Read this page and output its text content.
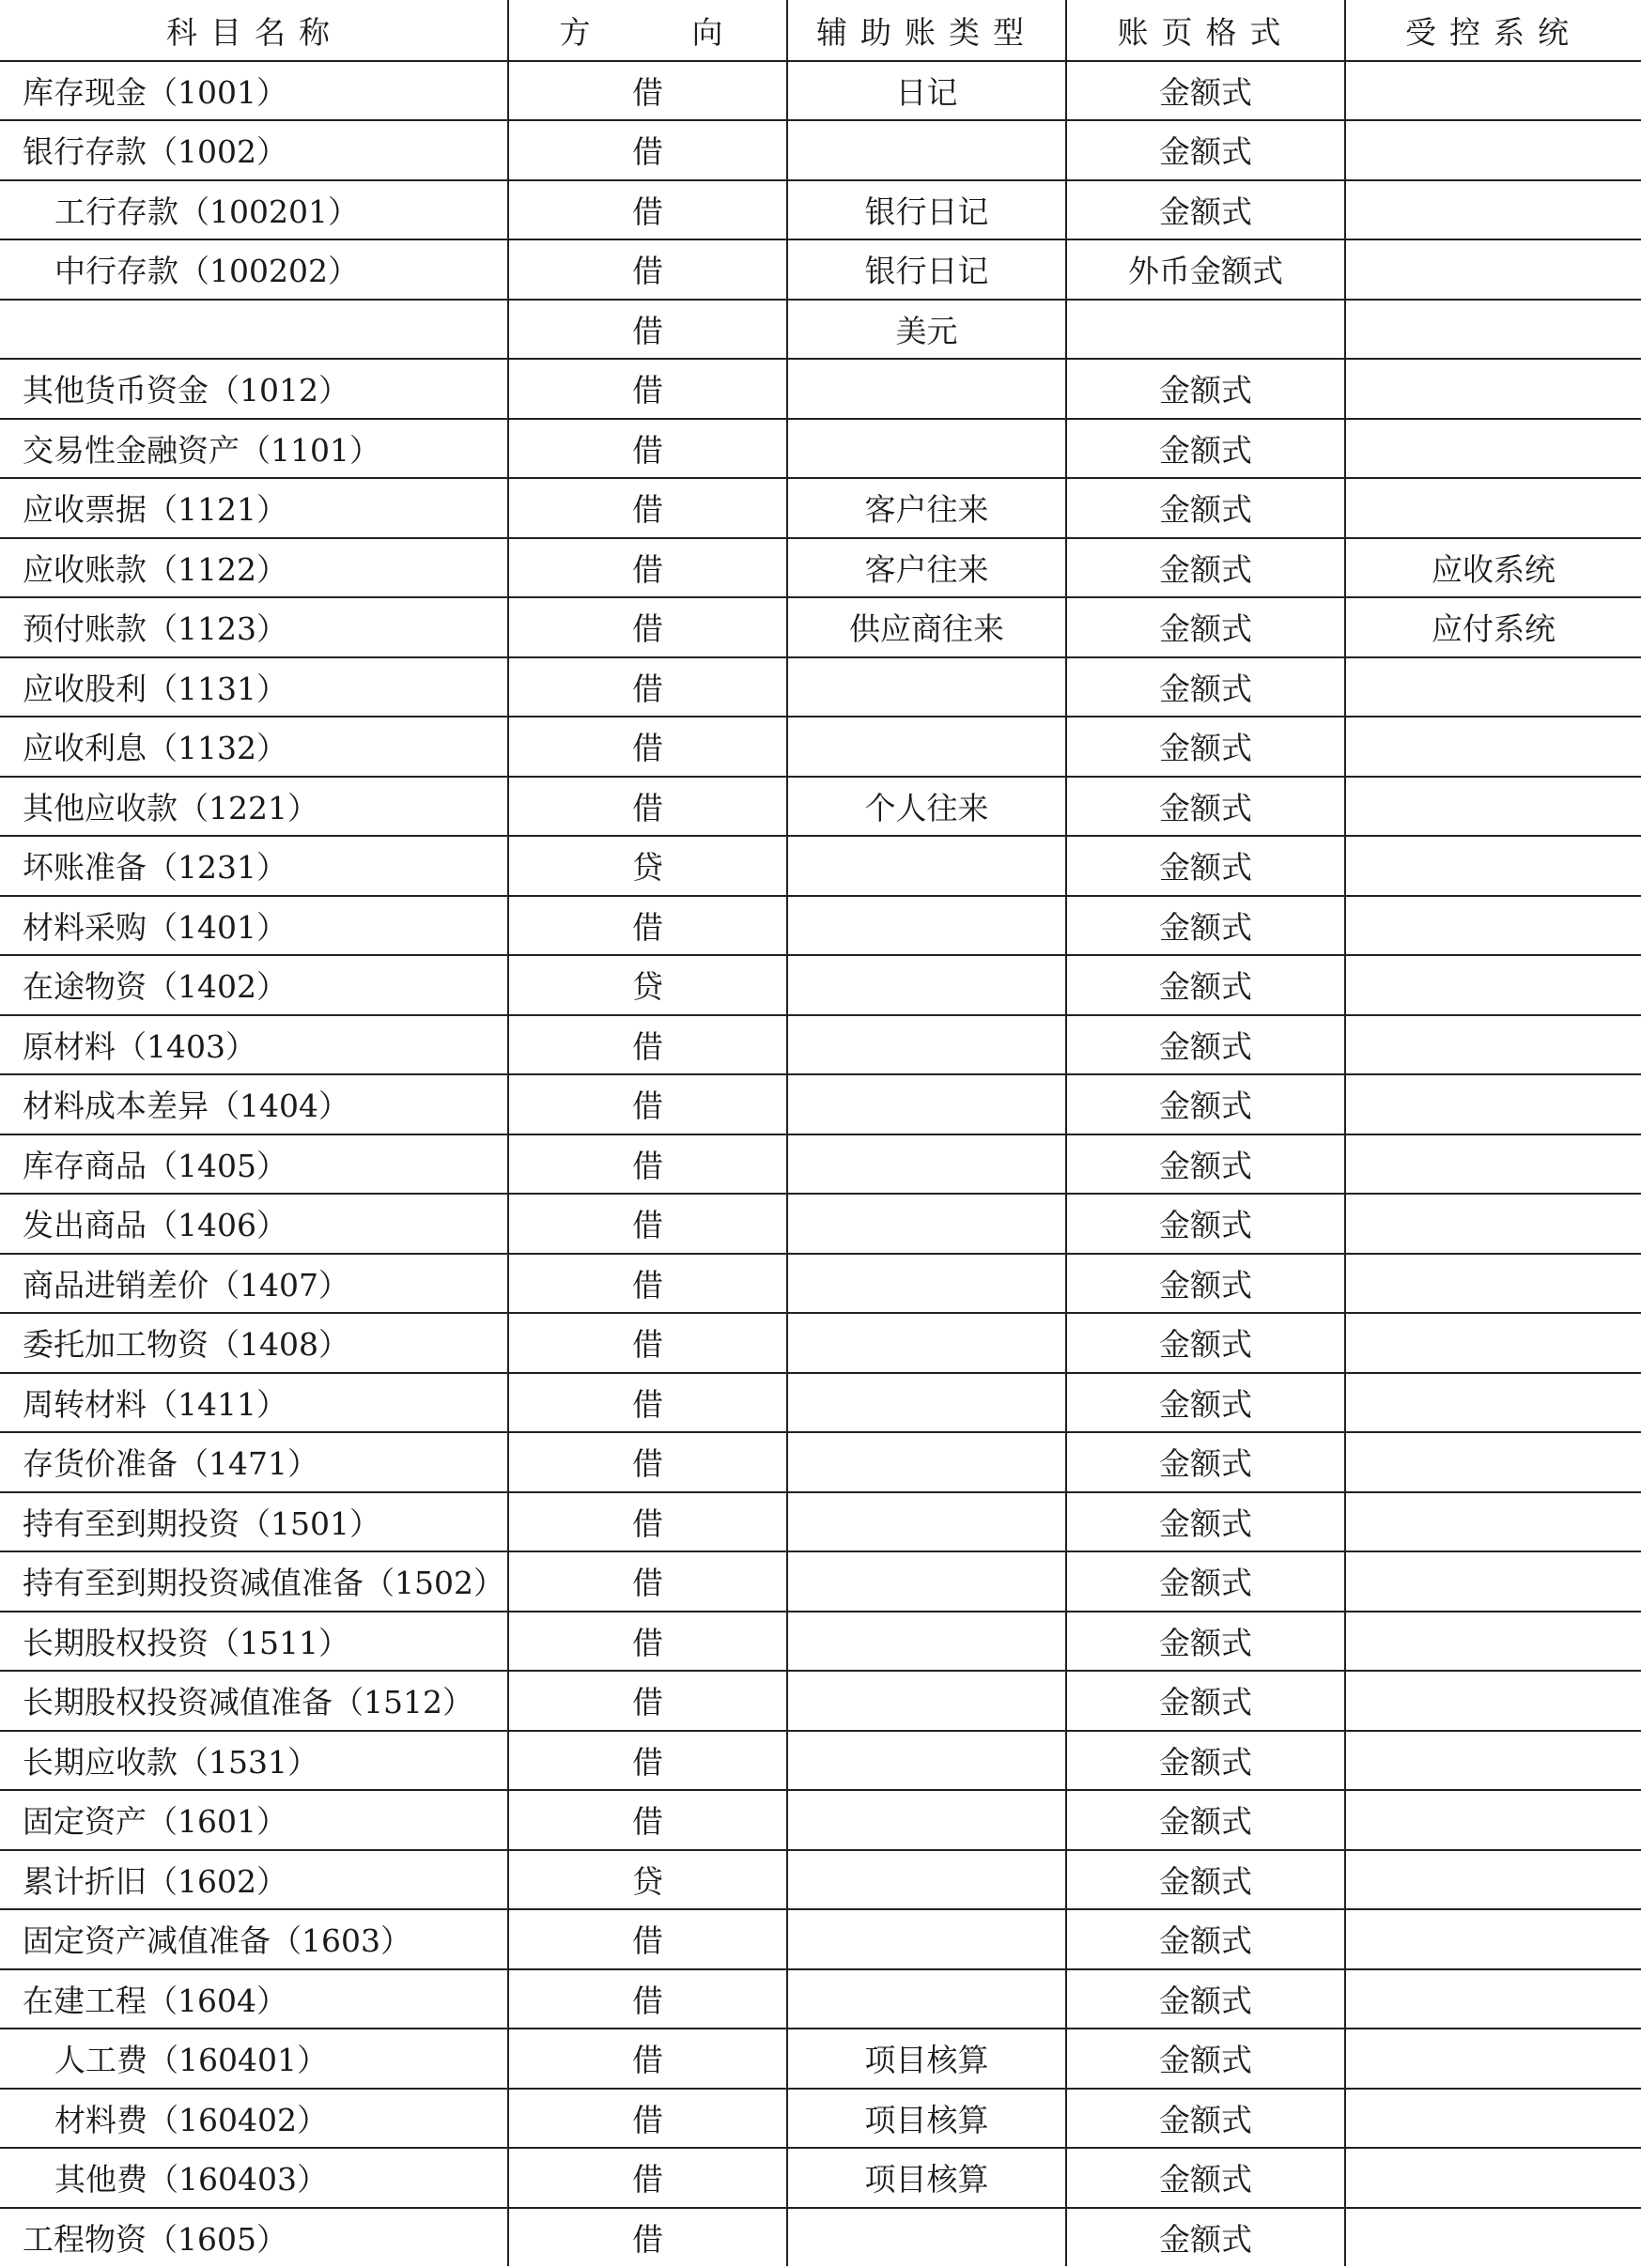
科目名称	方　　向	辅助账类型	账页格式	受控系统
库存现金（1001）	借	日记	金额式	
银行存款（1002）	借		金额式	
工行存款（100201）	借	银行日记	金额式	
中行存款（100202）	借	银行日记	外币金额式	
	借	美元		
其他货币资金（1012）	借		金额式	
交易性金融资产（1101）	借		金额式	
应收票据（1121）	借	客户往来	金额式	
应收账款（1122）	借	客户往来	金额式	应收系统
预付账款（1123）	借	供应商往来	金额式	应付系统
应收股利（1131）	借		金额式	
应收利息（1132）	借		金额式	
其他应收款（1221）	借	个人往来	金额式	
坏账准备（1231）	贷		金额式	
材料采购（1401）	借		金额式	
在途物资（1402）	贷		金额式	
原材料（1403）	借		金额式	
材料成本差异（1404）	借		金额式	
库存商品（1405）	借		金额式	
发出商品（1406）	借		金额式	
商品进销差价（1407）	借		金额式	
委托加工物资（1408）	借		金额式	
周转材料（1411）	借		金额式	
存货价准备（1471）	借		金额式	
持有至到期投资（1501）	借		金额式	
持有至到期投资减值准备（1502）	借		金额式	
长期股权投资（1511）	借		金额式	
长期股权投资减值准备（1512）	借		金额式	
长期应收款（1531）	借		金额式	
固定资产（1601）	借		金额式	
累计折旧（1602）	贷		金额式	
固定资产减值准备（1603）	借		金额式	
在建工程（1604）	借		金额式	
人工费（160401）	借	项目核算	金额式	
材料费（160402）	借	项目核算	金额式	
其他费（160403）	借	项目核算	金额式	
工程物资（1605）	借		金额式	
